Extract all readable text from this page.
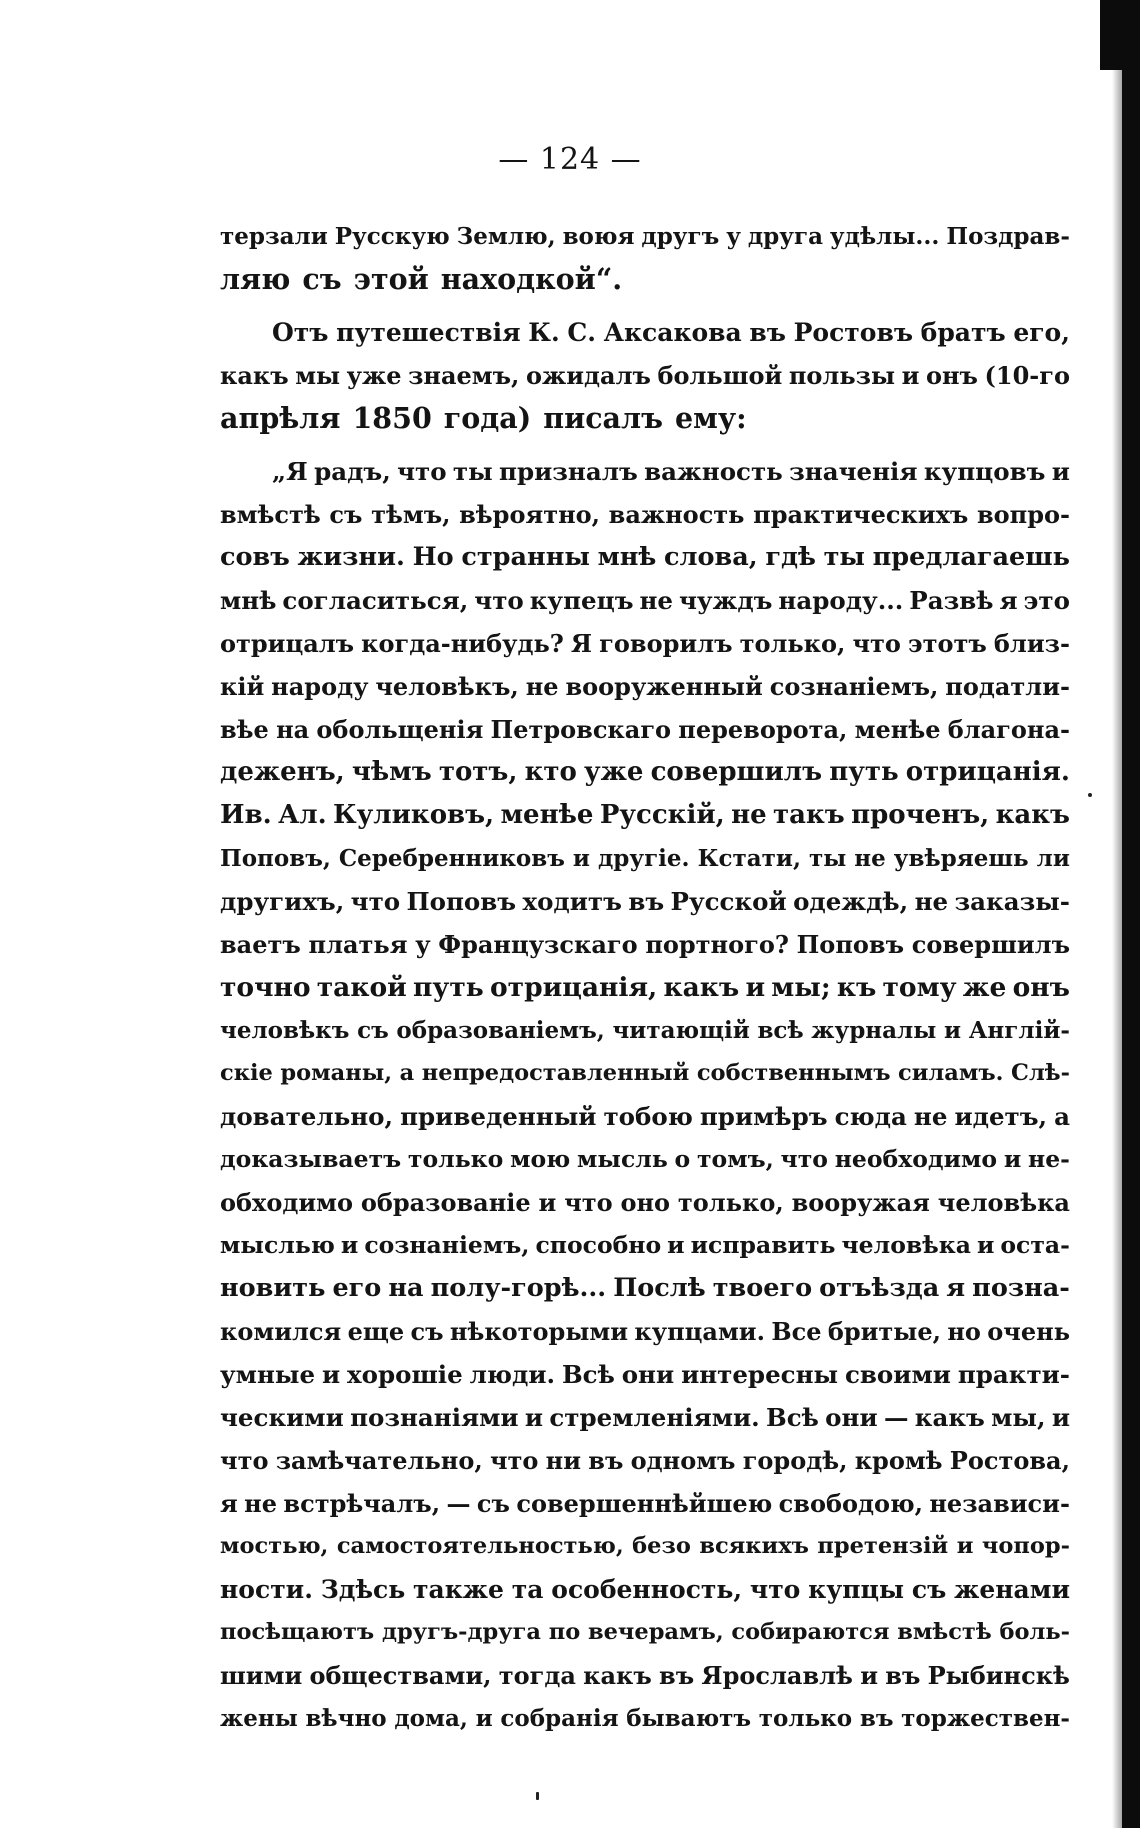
— 124 —
терзали Русскую Землю, воюя другъ у друга удѣлы... Поздрав-
ляю съ этой находкой“.
Отъ путешествія К. С. Аксакова въ Ростовъ братъ его,
какъ мы уже знаемъ, ожидалъ большой пользы и онъ (10-го
апрѣля 1850 года) писалъ ему:
„Я радъ, что ты призналъ важность значенія купцовъ и
вмѣстѣ съ тѣмъ, вѣроятно, важность практическихъ вопро-
совъ жизни. Но странны мнѣ слова, гдѣ ты предлагаешь
мнѣ согласиться, что купецъ не чуждъ народу... Развѣ я это
отрицалъ когда-нибудь? Я говорилъ только, что этотъ близ-
кій народу человѣкъ, не вооруженный сознаніемъ, податли-
вѣе на обольщенія Петровскаго переворота, менѣе благона-
деженъ, чѣмъ тотъ, кто уже совершилъ путь отрицанія.
Ив. Ал. Куликовъ, менѣе Русскій, не такъ проченъ, какъ
Поповъ, Серебренниковъ и другіе. Кстати, ты не увѣряешь ли
другихъ, что Поповъ ходитъ въ Русской одеждѣ, не заказы-
ваетъ платья у Французскаго портного? Поповъ совершилъ
точно такой путь отрицанія, какъ и мы; къ тому же онъ
человѣкъ съ образованіемъ, читающій всѣ журналы и Англій-
скіе романы, а непредоставленный собственнымъ силамъ. Слѣ-
довательно, приведенный тобою примѣръ сюда не идетъ, а
доказываетъ только мою мысль о томъ, что необходимо и не-
обходимо образованіе и что оно только, вооружая человѣка
мыслью и сознаніемъ, способно и исправить человѣка и оста-
новить его на полу-горѣ... Послѣ твоего отъѣзда я позна-
комился еще съ нѣкоторыми купцами. Все бритые, но очень
умные и хорошіе люди. Всѣ они интересны своими практи-
ческими познаніями и стремленіями. Всѣ они — какъ мы, и
что замѣчательно, что ни въ одномъ городѣ, кромѣ Ростова,
я не встрѣчалъ, — съ совершеннѣйшею свободою, независи-
мостью, самостоятельностью, безо всякихъ претензій и чопор-
ности. Здѣсь также та особенность, что купцы съ женами
посѣщаютъ другъ-друга по вечерамъ, собираются вмѣстѣ боль-
шими обществами, тогда какъ въ Ярославлѣ и въ Рыбинскѣ
жены вѣчно дома, и собранія бываютъ только въ торжествен-
